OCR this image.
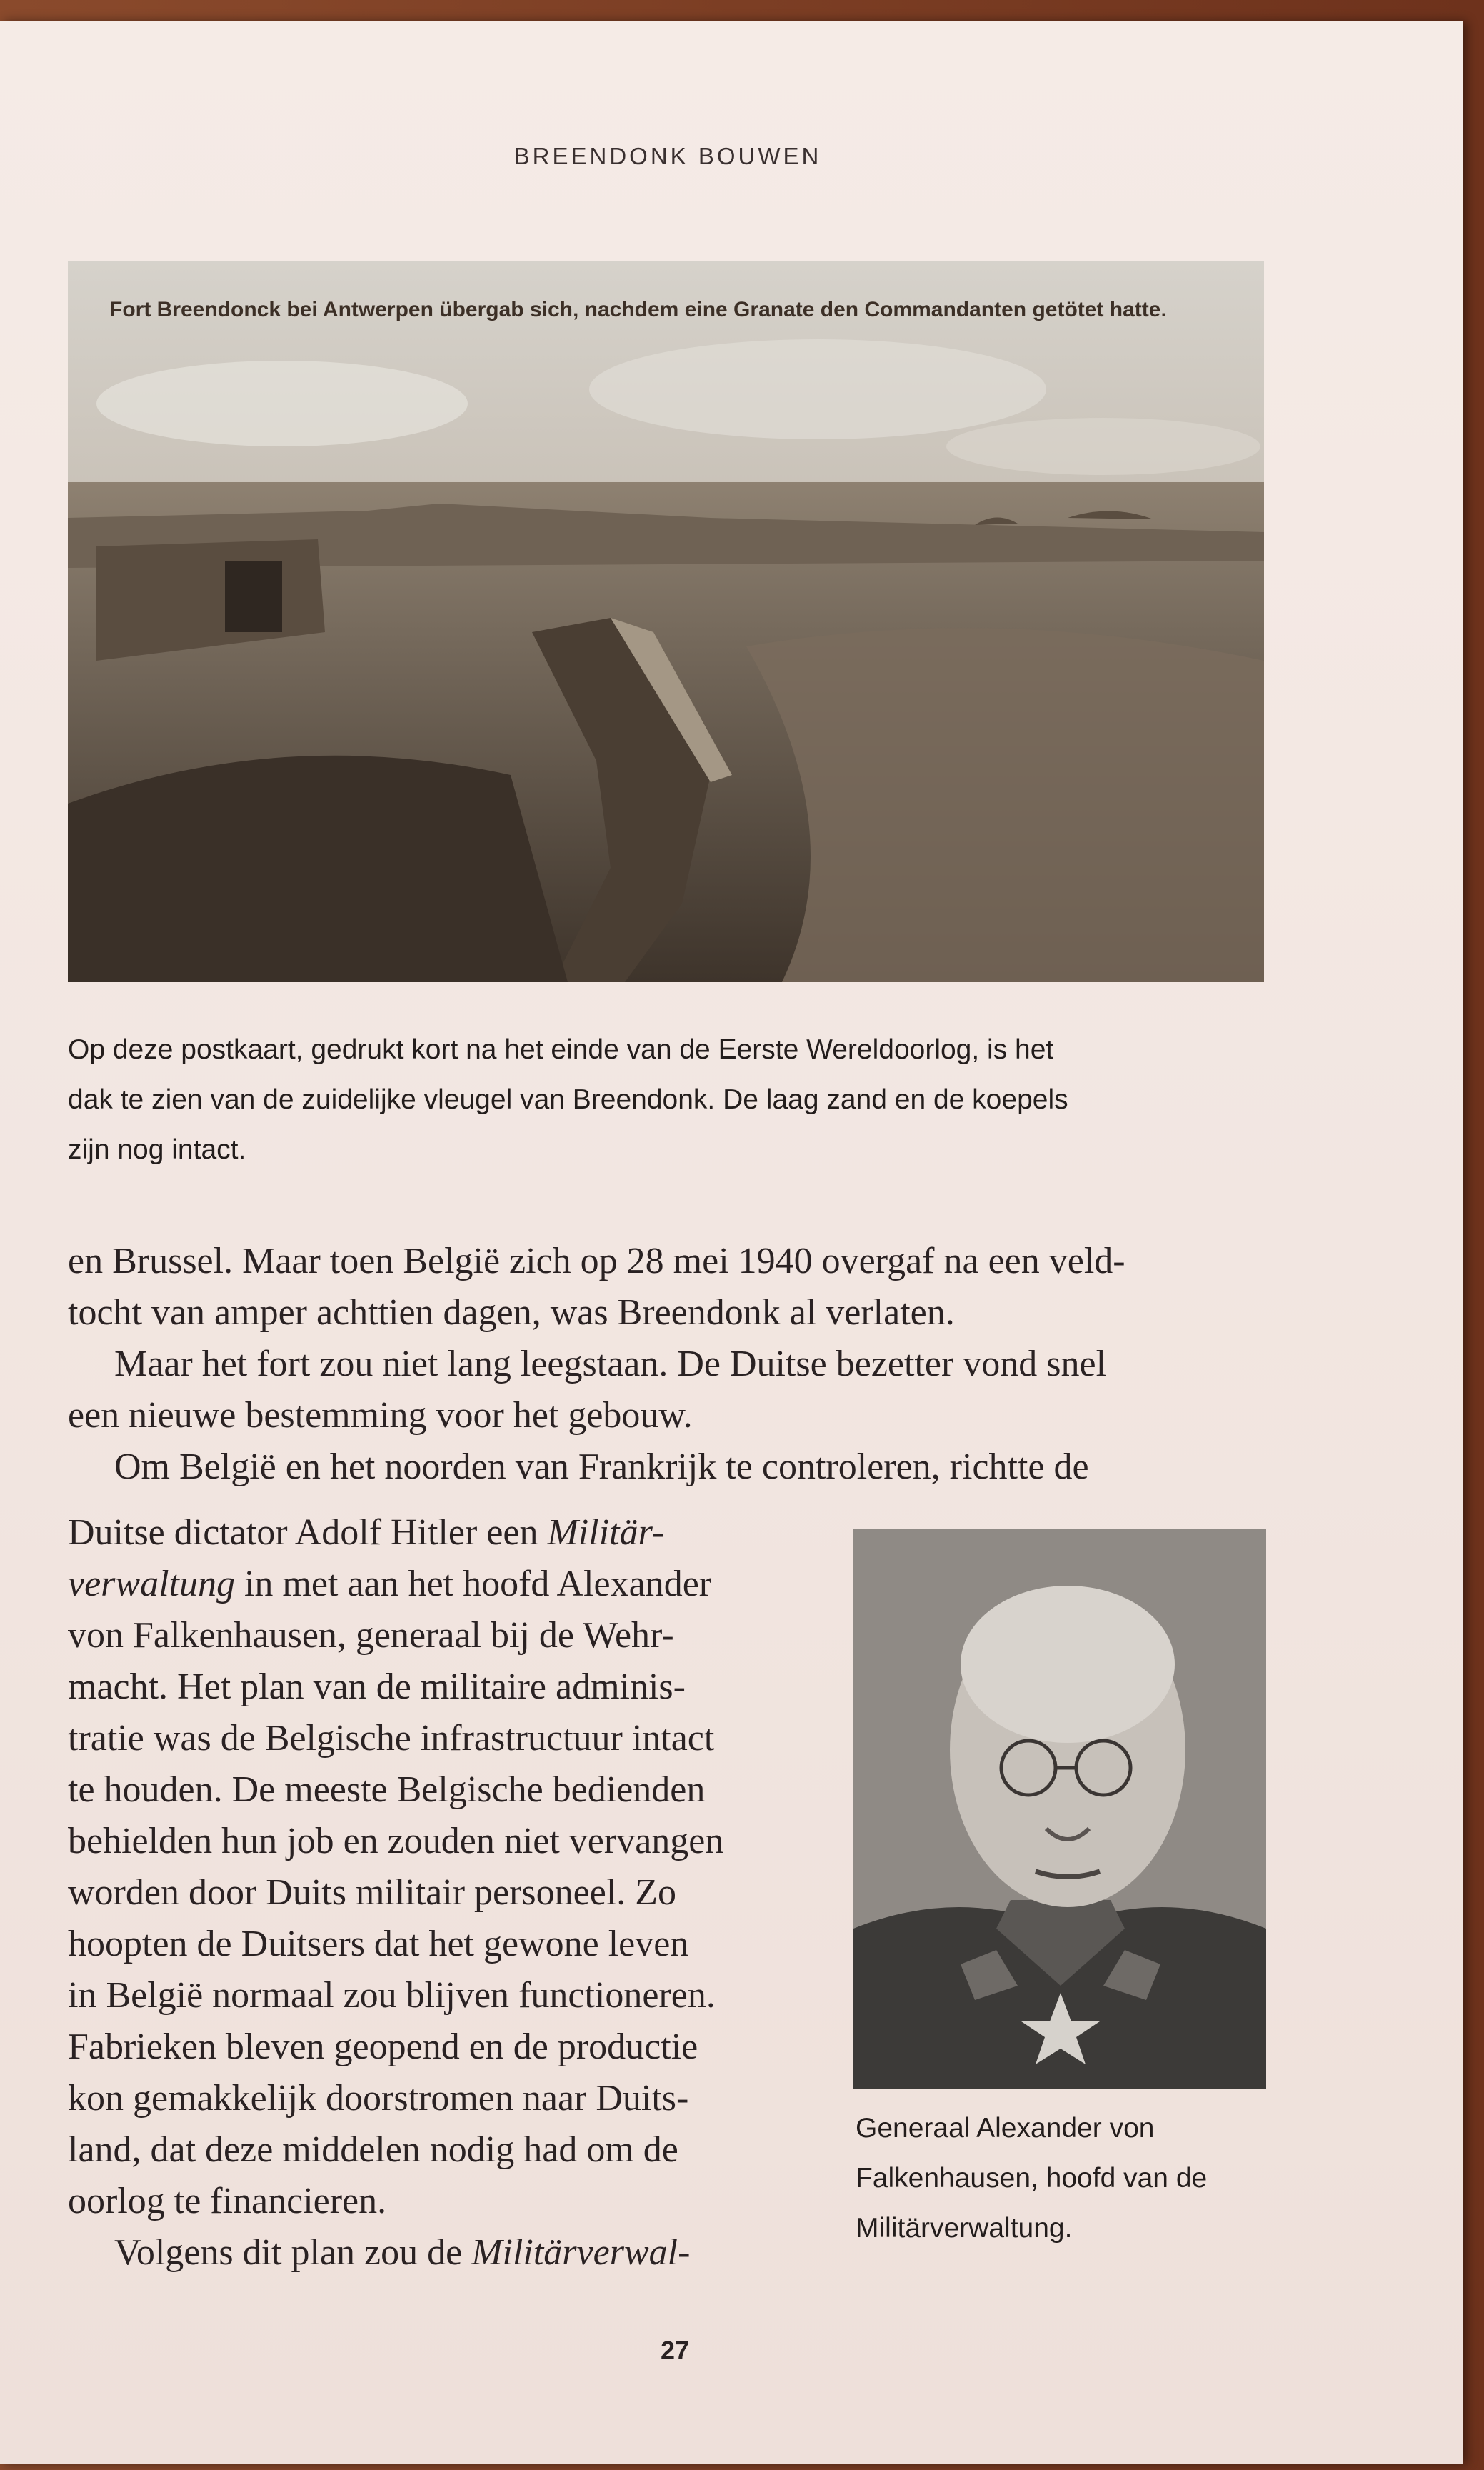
BREENDONK BOUWEN
Fort Breendonck bei Antwerpen übergab sich, nachdem eine Granate den Commandanten getötet hatte.
Op deze postkaart, gedrukt kort na het einde van de Eerste Wereldoorlog, is het
dak te zien van de zuidelijke vleugel van Breendonk. De laag zand en de koepels
zijn nog intact.
en Brussel. Maar toen België zich op 28 mei 1940 overgaf na een veld-
tocht van amper achttien dagen, was Breendonk al verlaten.
Maar het fort zou niet lang leegstaan. De Duitse bezetter vond snel
een nieuwe bestemming voor het gebouw.
Om België en het noorden van Frankrijk te controleren, richtte de
Duitse dictator Adolf Hitler een Militär-
verwaltung in met aan het hoofd Alexander
von Falkenhausen, generaal bij de Wehr-
macht. Het plan van de militaire adminis-
tratie was de Belgische infrastructuur intact
te houden. De meeste Belgische bedienden
behielden hun job en zouden niet vervangen
worden door Duits militair personeel. Zo
hoopten de Duitsers dat het gewone leven
in België normaal zou blijven functioneren.
Fabrieken bleven geopend en de productie
kon gemakkelijk doorstromen naar Duits-
land, dat deze middelen nodig had om de
oorlog te financieren.
Volgens dit plan zou de Militärverwal-
Generaal Alexander von
Falkenhausen, hoofd van de
Militärverwaltung.
27
